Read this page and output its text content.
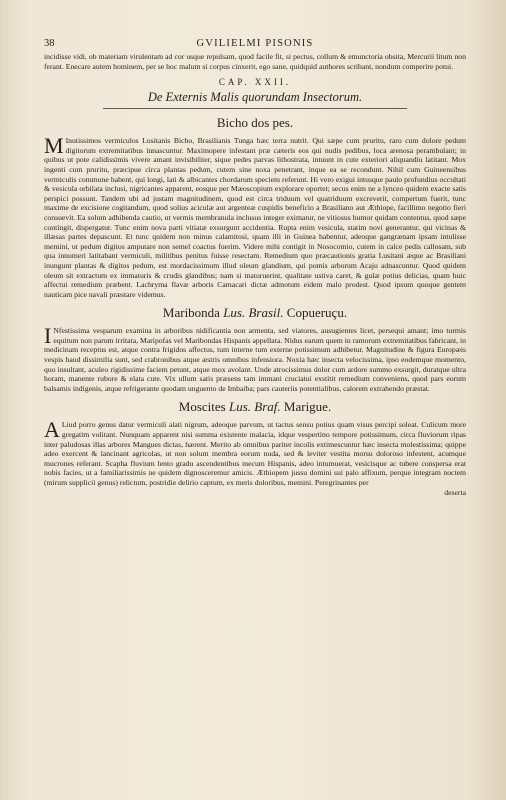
38	GVILIELMI PISONIS

incidisse vidi, ob materiam virulentam ad cor usque repulsam, quod facile fit, si pectus, collum & emunctoria obsita, Mercurii litum non ferant. Enecare autem hominem, per se hoc malum si corpus cinxerit, ego sane, quidquid authores scribant, nondum comperire potui.

CAP. XXII.
De Externis Malis quorundam Insectorum.
Bicho dos pes.

M Inutissimos vermiculos Lusitanis Bicho, Brasilianis Tunga hæc terra nutrit. Qui sæpe cum pruritu, raro cum dolore pedum digitorum extremitatibus innascuntur. Maximopere infestant præ cæteris eos qui nudis pedibus, loca arenosa perambulant; in quibus ut pote calidissimis vivere amant invisibiliter, sique pedes parvas lithostrata, intuunt in cute exteriori aliquandiu latitant. Mox ingenti cum pruritu, præcipue circa plantas pedum, cutem sine noxa penetrant, inque ea se recondunt. Nihil cum Guineensibus vermiculis commune habent, qui longi, lati & albicantes chordarum speciem referunt. Hi vero exigui intusque paulo profundius occultati & vesicula orbilata inclusi, nigricantes apparent, eosque per Mæoscopium explorare oportet; secus enim ne a lynceo quidem exacte satis perspici possunt. Tandem ubi ad justam magnitudinem, quod est circa triduum vel quatriduum excreverit, compertum fuerit, tunc maxime de excisione cogitandum, quod solius aciculæ aut argenteæ cuspidis beneficio a Brasiliano aut Æthiope, facillimo negotio fieri consuevit. Ea solum adhibenda cautio, ut vermis membranula inclusus integer eximatur, ne vitiosus humor quidam contentus, quod sæpe contingit, dispergatur. Tunc enim nova parti vitiatæ exsurgunt accidentia. Rupta enim vesicula, statim novi generantur, qui vicinas & illæsas partes depascunt. Et tunc quidem non minus calamitosi, quam illi in Guinea habentur, adeoque gangrænam ipsam intulisse memini, ut pedum digitos amputare non semel coactus fuerim. Videre mihi contigit in Nosocomio, cutem in calce pedis callosam, sub qua innumeri latitabant vermiculi, militibus penitus fuisse resectam. Remedium quo præcautionis gratia Lusitani æque ac Brasiliani inungunt plantas & digitos pedum, est mordacissimum illud oleum glandium, qui pomis arborum Acaju adnascuntur. Quod quidem oleum sit extractum ex immaturis & crudis glandibus; nam si maturuerint, qualitate ustiva caret, & gulæ potius delicias, quam huic affectui remedium præbent. Lachryma flavæ arboris Camacari dictæ admotum eidem malo prodest. Quod ipsum quoque gentem nauticam pice navali præstare videmus.

Maribonda Lus. Brasil. Copueruçu.

I Nfestissima vesparum examina in arboribus nidificantia non armenta, sed viatores, ausugientes licet, persequi amant; imo turmis equitum non parum irritata, Maripofas vel Maribondas Hispanis appellata. Nidus earum quem in ramorum extremitatibus fabricant, in medicinam receptus est, atque contra frigidos affectus, tum interne tum externe potissimum adhibetur. Magnitudine & figura Europæis vespis haud dissimilia sunt, sed crabronibus atque æstris omnibus infensiora. Noxia hæc insecta velocissima, ipso eodemque momento, quo insultant, aculeo rigidissime faciem petunt, atque mox avolant. Unde atrocissimus dolor cum ardore summo exsurgit, duratque ultra horam, manente rubore & elata cute. Vix ullum satis præsens tam immani cruciatui exstitit remedium conveniens, quod pars eorum balsamis indigenis, atque refrigerante quodam unguento de Imbaiba; pars cauteriis potentialibus, calorem extrahendo præstat.

Moscites Lus. Braf. Marigue.

A Liud porro genus datur vermiculi alati nigrum, adeoque parvum, ut tactus sensu potius quam visus percipi soleat. Culicum more gregatim volitant. Nunquam apparent nisi summa existente malacia, idque vespertino tempore potissimum, circa fluviorum ripas inter paludosas illas arbores Mangues dictas, hærent. Merito ab omnibus pariter incolis extimescuntur hæc insecta molestissima; quippe adeo exercent & lancinant agricolas, ut non solum membra eorum nuda, sed & leviter vestita morsu doloroso infestent, acumque mucrones referant. Scapha fluvium lento gradu ascendentibus mecum Hispanis, adeo intumuerat, vesicisque ac tubere conspersa erat nobis facies, ut a familiarissimis ne quidem dignosceremur amicis. Æthiopem jussu domini sui palo affixum, perque integram noctem (mirum supplicii genus) relictum, postridie delirio captum, ex meris doloribus, memini. Peregrinantes per

deserta
